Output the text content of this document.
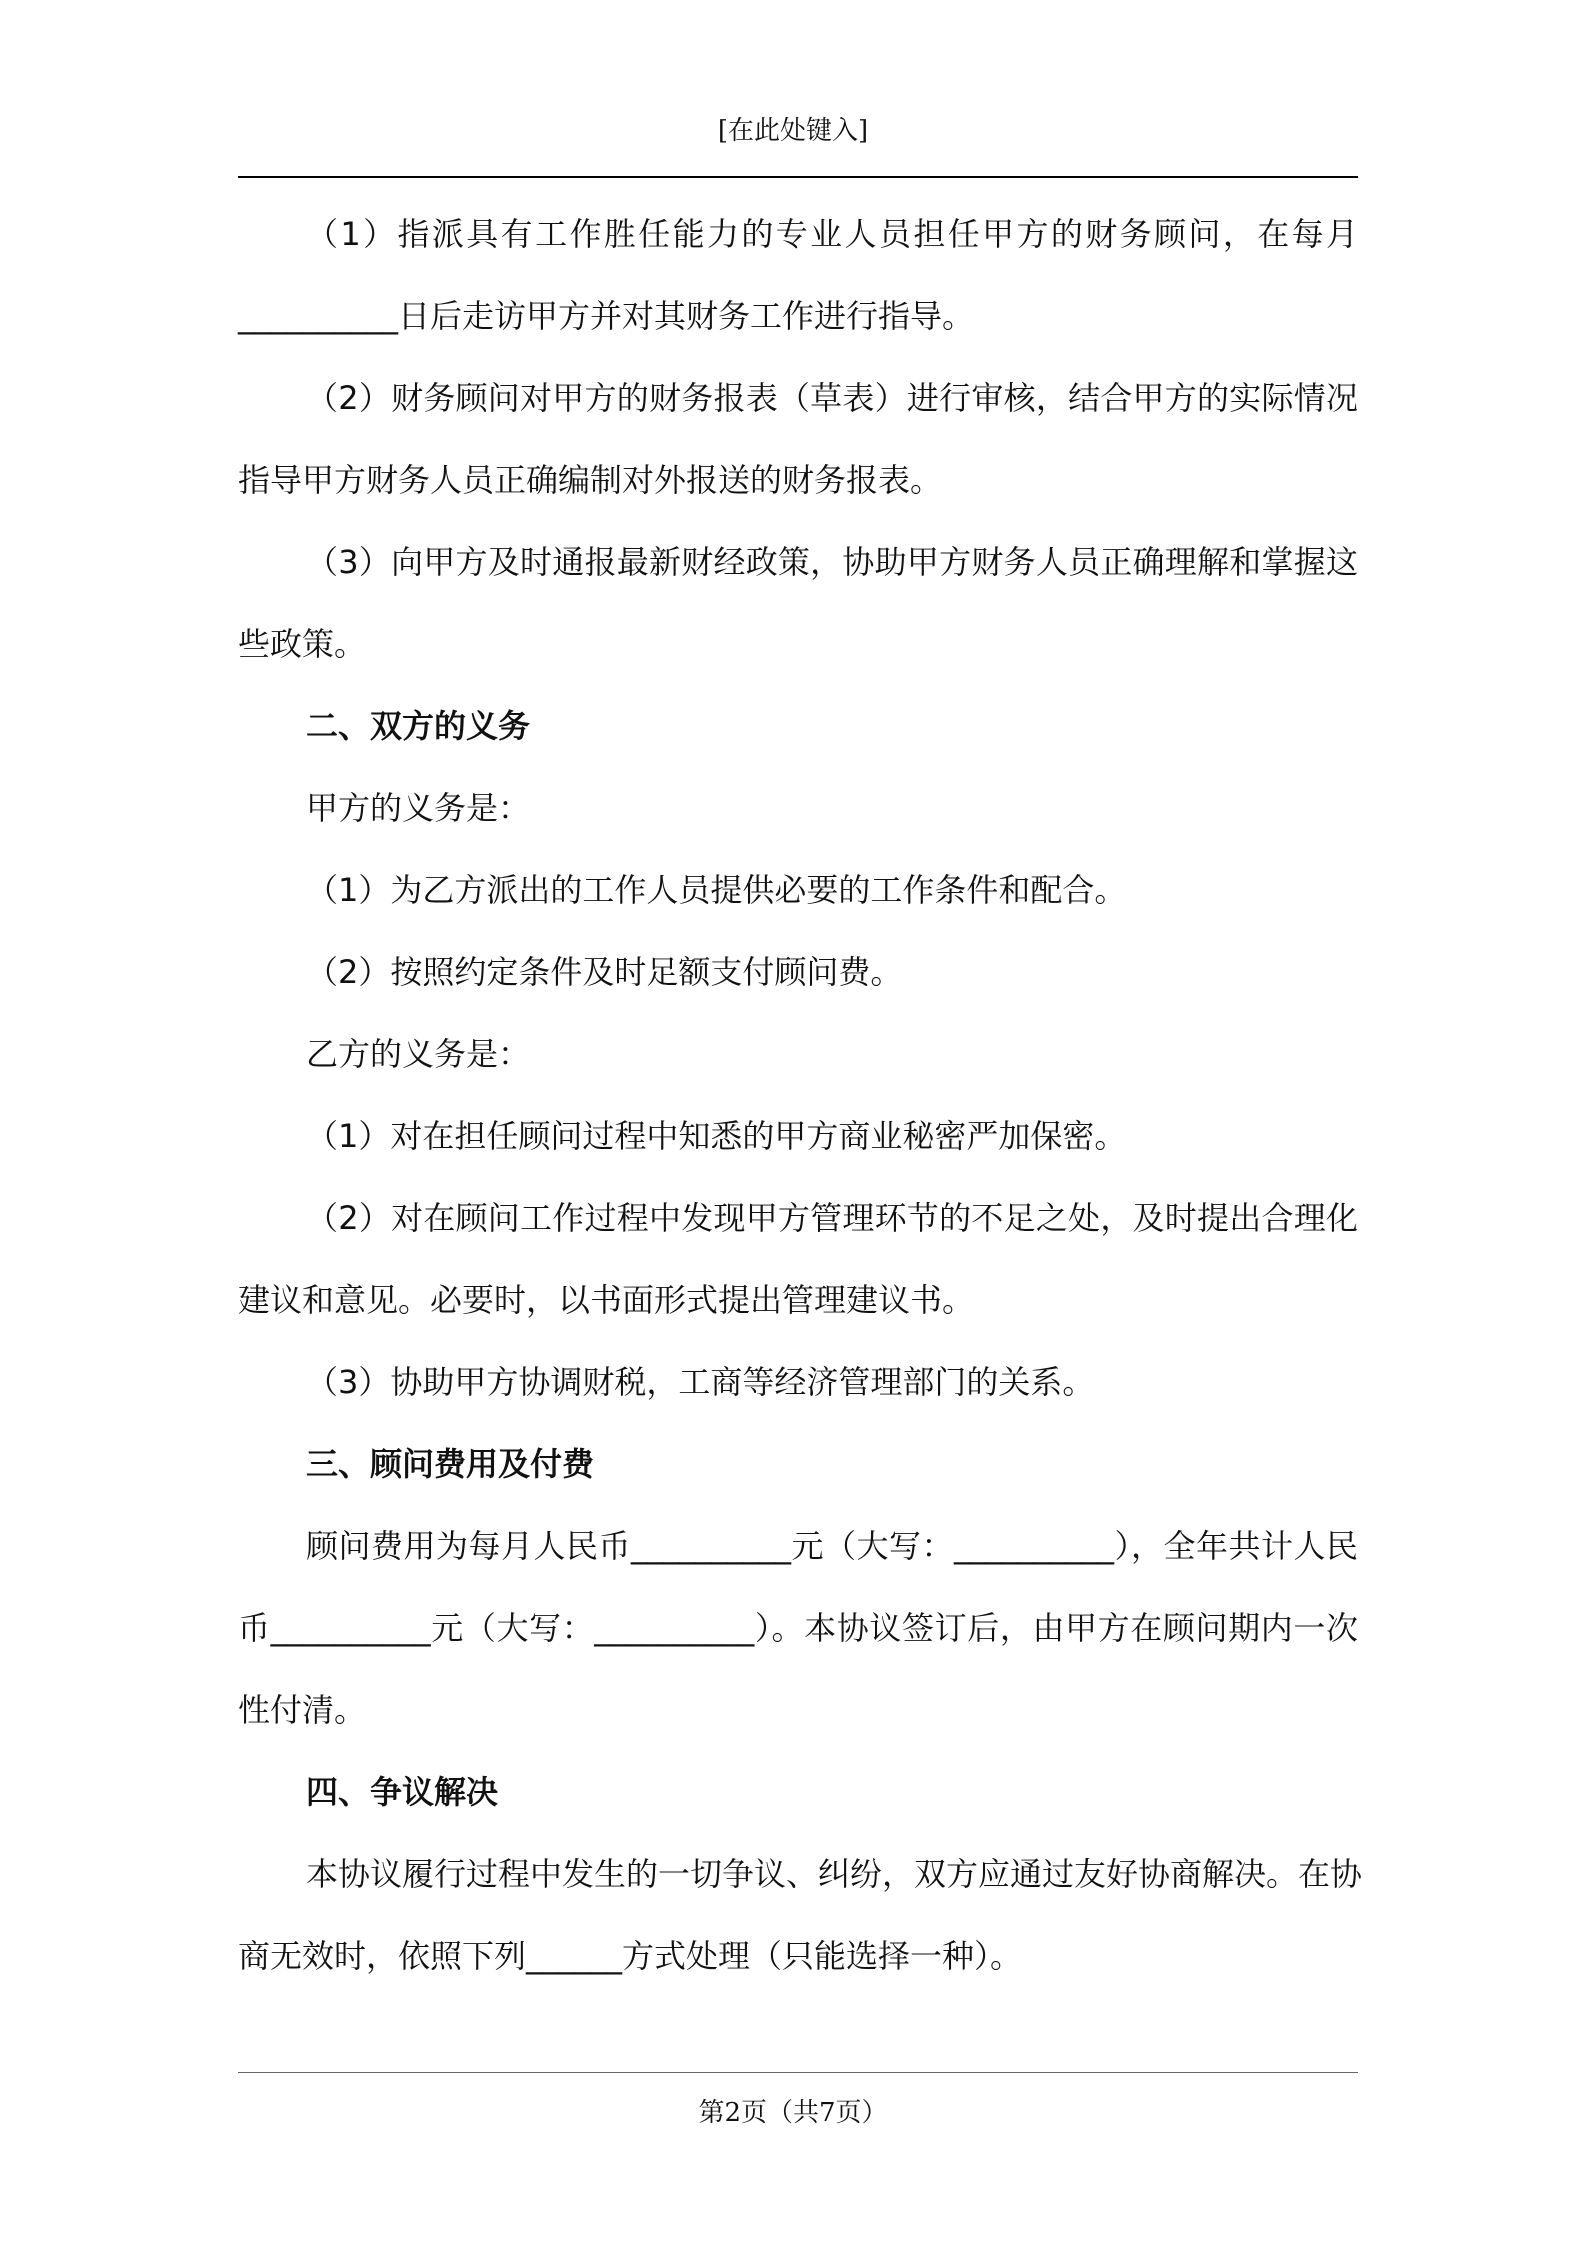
[在此处键入]
（1）指派具有工作胜任能力的专业人员担任甲方的财务顾问，在每月
__________日后走访甲方并对其财务工作进行指导。
（2）财务顾问对甲方的财务报表（草表）进行审核，结合甲方的实际情况
指导甲方财务人员正确编制对外报送的财务报表。
（3）向甲方及时通报最新财经政策，协助甲方财务人员正确理解和掌握这
些政策。
二、双方的义务
甲方的义务是：
（1）为乙方派出的工作人员提供必要的工作条件和配合。
（2）按照约定条件及时足额支付顾问费。
乙方的义务是：
（1）对在担任顾问过程中知悉的甲方商业秘密严加保密。
（2）对在顾问工作过程中发现甲方管理环节的不足之处，及时提出合理化
建议和意见。必要时，以书面形式提出管理建议书。
（3）协助甲方协调财税，工商等经济管理部门的关系。
三、顾问费用及付费
顾问费用为每月人民币__________元（大写：__________），全年共计人民
币__________元（大写：__________）。本协议签订后，由甲方在顾问期内一次
性付清。
四、争议解决
本协议履行过程中发生的一切争议、纠纷，双方应通过友好协商解决。在协
商无效时，依照下列______方式处理（只能选择一种）。
第2页（共7页）
